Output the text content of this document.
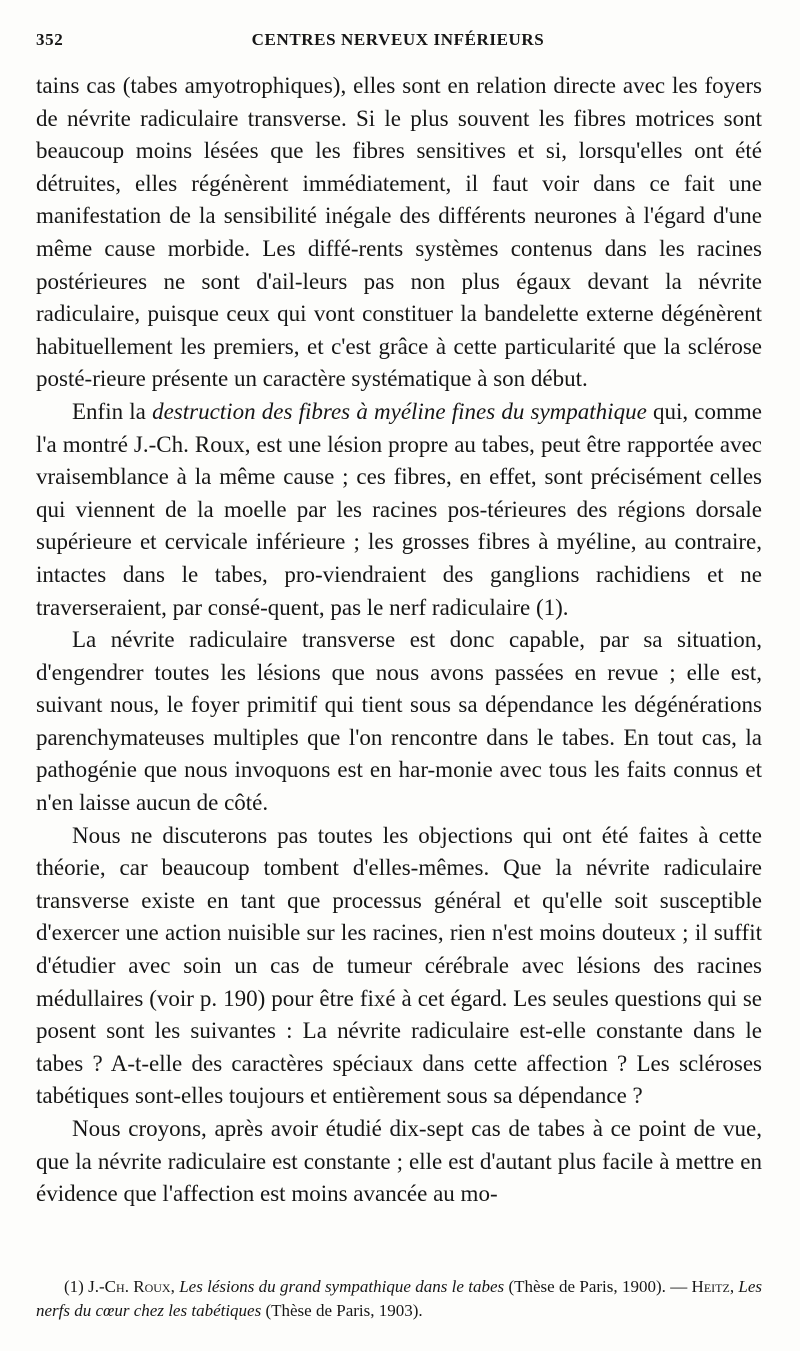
352	CENTRES NERVEUX INFÉRIEURS

tains cas (tabes amyotrophiques), elles sont en relation directe avec les foyers de névrite radiculaire transverse. Si le plus souvent les fibres motrices sont beaucoup moins lésées que les fibres sensitives et si, lorsqu'elles ont été détruites, elles régénèrent immédiatement, il faut voir dans ce fait une manifestation de la sensibilité inégale des différents neurones à l'égard d'une même cause morbide. Les diffé-rents systèmes contenus dans les racines postérieures ne sont d'ail-leurs pas non plus égaux devant la névrite radiculaire, puisque ceux qui vont constituer la bandelette externe dégénèrent habituellement les premiers, et c'est grâce à cette particularité que la sclérose posté-rieure présente un caractère systématique à son début.

Enfin la destruction des fibres à myéline fines du sympathique qui, comme l'a montré J.-Ch. Roux, est une lésion propre au tabes, peut être rapportée avec vraisemblance à la même cause ; ces fibres, en effet, sont précisément celles qui viennent de la moelle par les racines pos-térieures des régions dorsale supérieure et cervicale inférieure ; les grosses fibres à myéline, au contraire, intactes dans le tabes, pro-viendraient des ganglions rachidiens et ne traverseraient, par consé-quent, pas le nerf radiculaire (1).

La névrite radiculaire transverse est donc capable, par sa situation, d'engendrer toutes les lésions que nous avons passées en revue ; elle est, suivant nous, le foyer primitif qui tient sous sa dépendance les dégénérations parenchymateuses multiples que l'on rencontre dans le tabes. En tout cas, la pathogénie que nous invoquons est en har-monie avec tous les faits connus et n'en laisse aucun de côté.

Nous ne discuterons pas toutes les objections qui ont été faites à cette théorie, car beaucoup tombent d'elles-mêmes. Que la névrite radiculaire transverse existe en tant que processus général et qu'elle soit susceptible d'exercer une action nuisible sur les racines, rien n'est moins douteux ; il suffit d'étudier avec soin un cas de tumeur cérébrale avec lésions des racines médullaires (voir p. 190) pour être fixé à cet égard. Les seules questions qui se posent sont les suivantes : La névrite radiculaire est-elle constante dans le tabes ? A-t-elle des caractères spéciaux dans cette affection ? Les scléroses tabétiques sont-elles toujours et entièrement sous sa dépendance ?

Nous croyons, après avoir étudié dix-sept cas de tabes à ce point de vue, que la névrite radiculaire est constante ; elle est d'autant plus facile à mettre en évidence que l'affection est moins avancée au mo-

(1) J.-Ch. Roux, Les lésions du grand sympathique dans le tabes (Thèse de Paris, 1900). — Heitz, Les nerfs du cœur chez les tabétiques (Thèse de Paris, 1903).
